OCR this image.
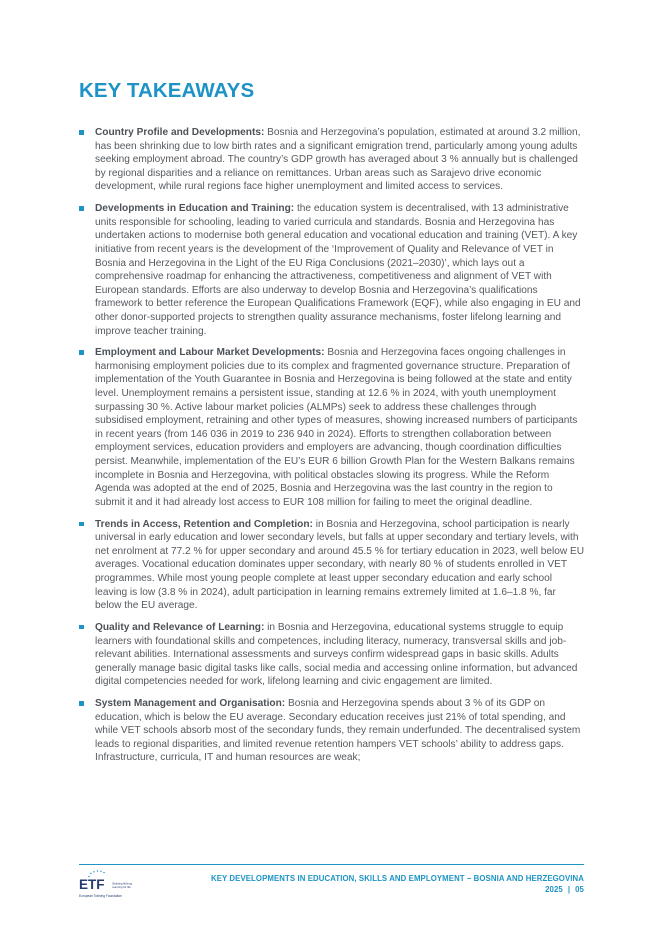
KEY TAKEAWAYS

Country Profile and Developments: Bosnia and Herzegovina’s population, estimated at around 3.2 million, has been shrinking due to low birth rates and a significant emigration trend, particularly among young adults seeking employment abroad. The country’s GDP growth has averaged about 3 % annually but is challenged by regional disparities and a reliance on remittances. Urban areas such as Sarajevo drive economic development, while rural regions face higher unemployment and limited access to services.

Developments in Education and Training: the education system is decentralised, with 13 administrative units responsible for schooling, leading to varied curricula and standards. Bosnia and Herzegovina has undertaken actions to modernise both general education and vocational education and training (VET). A key initiative from recent years is the development of the ‘Improvement of Quality and Relevance of VET in Bosnia and Herzegovina in the Light of the EU Riga Conclusions (2021–2030)’, which lays out a comprehensive roadmap for enhancing the attractiveness, competitiveness and alignment of VET with European standards. Efforts are also underway to develop Bosnia and Herzegovina’s qualifications framework to better reference the European Qualifications Framework (EQF), while also engaging in EU and other donor-supported projects to strengthen quality assurance mechanisms, foster lifelong learning and improve teacher training.

Employment and Labour Market Developments: Bosnia and Herzegovina faces ongoing challenges in harmonising employment policies due to its complex and fragmented governance structure. Preparation of implementation of the Youth Guarantee in Bosnia and Herzegovina is being followed at the state and entity level. Unemployment remains a persistent issue, standing at 12.6 % in 2024, with youth unemployment surpassing 30 %. Active labour market policies (ALMPs) seek to address these challenges through subsidised employment, retraining and other types of measures, showing increased numbers of participants in recent years (from 146 036 in 2019 to 236 940 in 2024). Efforts to strengthen collaboration between employment services, education providers and employers are advancing, though coordination difficulties persist. Meanwhile, implementation of the EU’s EUR 6 billion Growth Plan for the Western Balkans remains incomplete in Bosnia and Herzegovina, with political obstacles slowing its progress. While the Reform Agenda was adopted at the end of 2025, Bosnia and Herzegovina was the last country in the region to submit it and it had already lost access to EUR 108 million for failing to meet the original deadline.

Trends in Access, Retention and Completion: in Bosnia and Herzegovina, school participation is nearly universal in early education and lower secondary levels, but falls at upper secondary and tertiary levels, with net enrolment at 77.2 % for upper secondary and around 45.5 % for tertiary education in 2023, well below EU averages. Vocational education dominates upper secondary, with nearly 80 % of students enrolled in VET programmes. While most young people complete at least upper secondary education and early school leaving is low (3.8 % in 2024), adult participation in learning remains extremely limited at 1.6–1.8 %, far below the EU average.

Quality and Relevance of Learning: in Bosnia and Herzegovina, educational systems struggle to equip learners with foundational skills and competences, including literacy, numeracy, transversal skills and job-relevant abilities. International assessments and surveys confirm widespread gaps in basic skills. Adults generally manage basic digital tasks like calls, social media and accessing online information, but advanced digital competencies needed for work, lifelong learning and civic engagement are limited.

System Management and Organisation: Bosnia and Herzegovina spends about 3 % of its GDP on education, which is below the EU average. Secondary education receives just 21% of total spending, and while VET schools absorb most of the secondary funds, they remain underfunded. The decentralised system leads to regional disparities, and limited revenue retention hampers VET schools’ ability to address gaps. Infrastructure, curricula, IT and human resources are weak;

ETF	Building lifelong
learning for life
European Training Foundation
KEY DEVELOPMENTS IN EDUCATION, SKILLS AND EMPLOYMENT – BOSNIA AND HERZEGOVINA
2025 | 05
